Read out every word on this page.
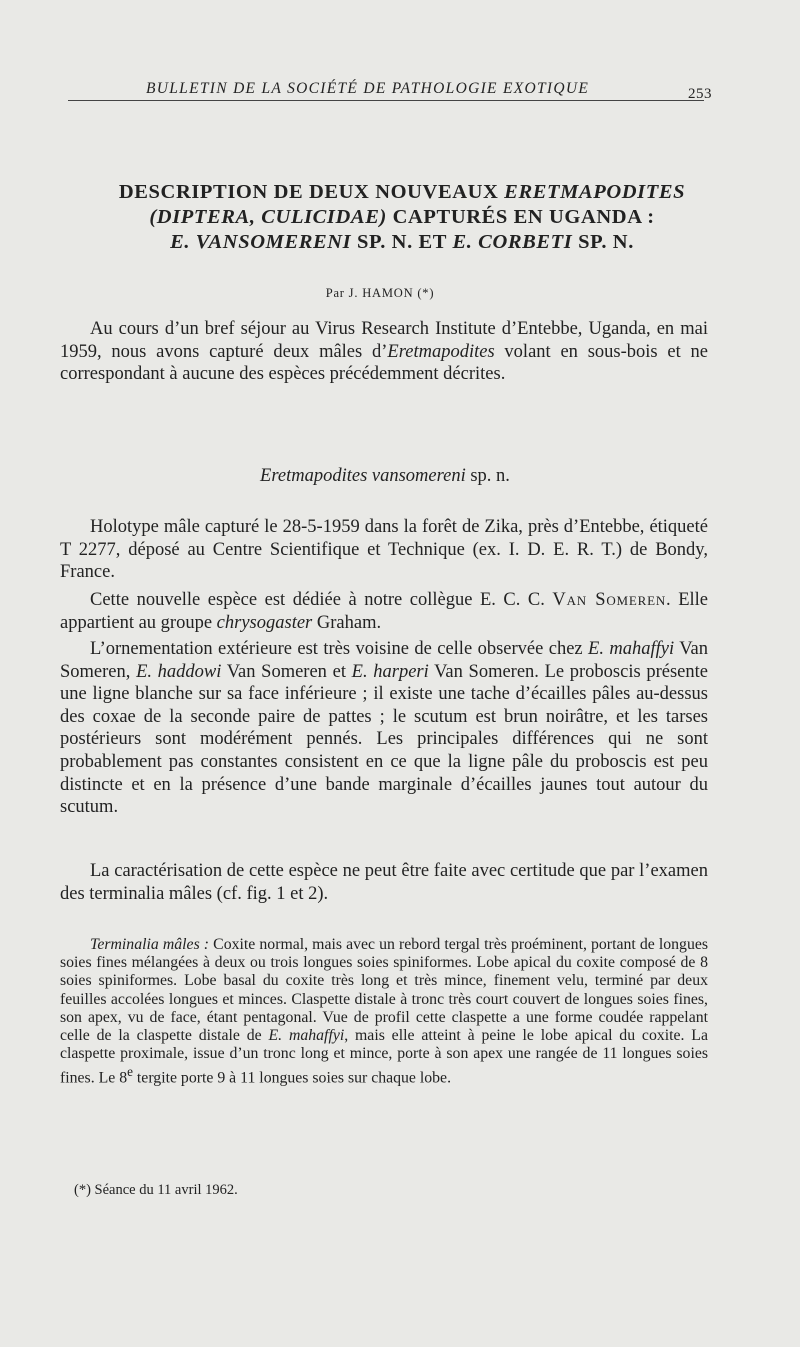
BULLETIN DE LA SOCIÉTÉ DE PATHOLOGIE EXOTIQUE	253
DESCRIPTION DE DEUX NOUVEAUX ERETMAPODITES
(DIPTERA, CULICIDAE) CAPTURÉS EN UGANDA :
E. VANSOMERENI SP. N. ET E. CORBETI SP. N.
Par J. HAMON (*)

Au cours d’un bref séjour au Virus Research Institute d’Entebbe, Uganda, en mai 1959, nous avons capturé deux mâles d’Eretmapodites volant en sous-bois et ne correspondant à aucune des espèces précédemment décrites.

Eretmapodites vansomereni sp. n.

Holotype mâle capturé le 28-5-1959 dans la forêt de Zika, près d’Entebbe, étiqueté T 2277, déposé au Centre Scientifique et Technique (ex. I. D. E. R. T.) de Bondy, France.

Cette nouvelle espèce est dédiée à notre collègue E. C. C. Van Someren. Elle appartient au groupe chrysogaster Graham.

L’ornementation extérieure est très voisine de celle observée chez E. mahaffyi Van Someren, E. haddowi Van Someren et E. harperi Van Someren. Le proboscis présente une ligne blanche sur sa face inférieure ; il existe une tache d’écailles pâles au-dessus des coxae de la seconde paire de pattes ; le scutum est brun noirâtre, et les tarses postérieurs sont modérément pennés. Les principales différences qui ne sont probablement pas constantes consistent en ce que la ligne pâle du proboscis est peu distincte et en la présence d’une bande marginale d’écailles jaunes tout autour du scutum.

La caractérisation de cette espèce ne peut être faite avec certitude que par l’examen des terminalia mâles (cf. fig. 1 et 2).

Terminalia mâles : Coxite normal, mais avec un rebord tergal très proéminent, portant de longues soies fines mélangées à deux ou trois longues soies spiniformes. Lobe apical du coxite composé de 8 soies spiniformes. Lobe basal du coxite très long et très mince, finement velu, terminé par deux feuilles accolées longues et minces. Claspette distale à tronc très court couvert de longues soies fines, son apex, vu de face, étant pentagonal. Vue de profil cette claspette a une forme coudée rappelant celle de la claspette distale de E. mahaffyi, mais elle atteint à peine le lobe apical du coxite. La claspette proximale, issue d’un tronc long et mince, porte à son apex une rangée de 11 longues soies fines. Le 8e tergite porte 9 à 11 longues soies sur chaque lobe.

(*) Séance du 11 avril 1962.
